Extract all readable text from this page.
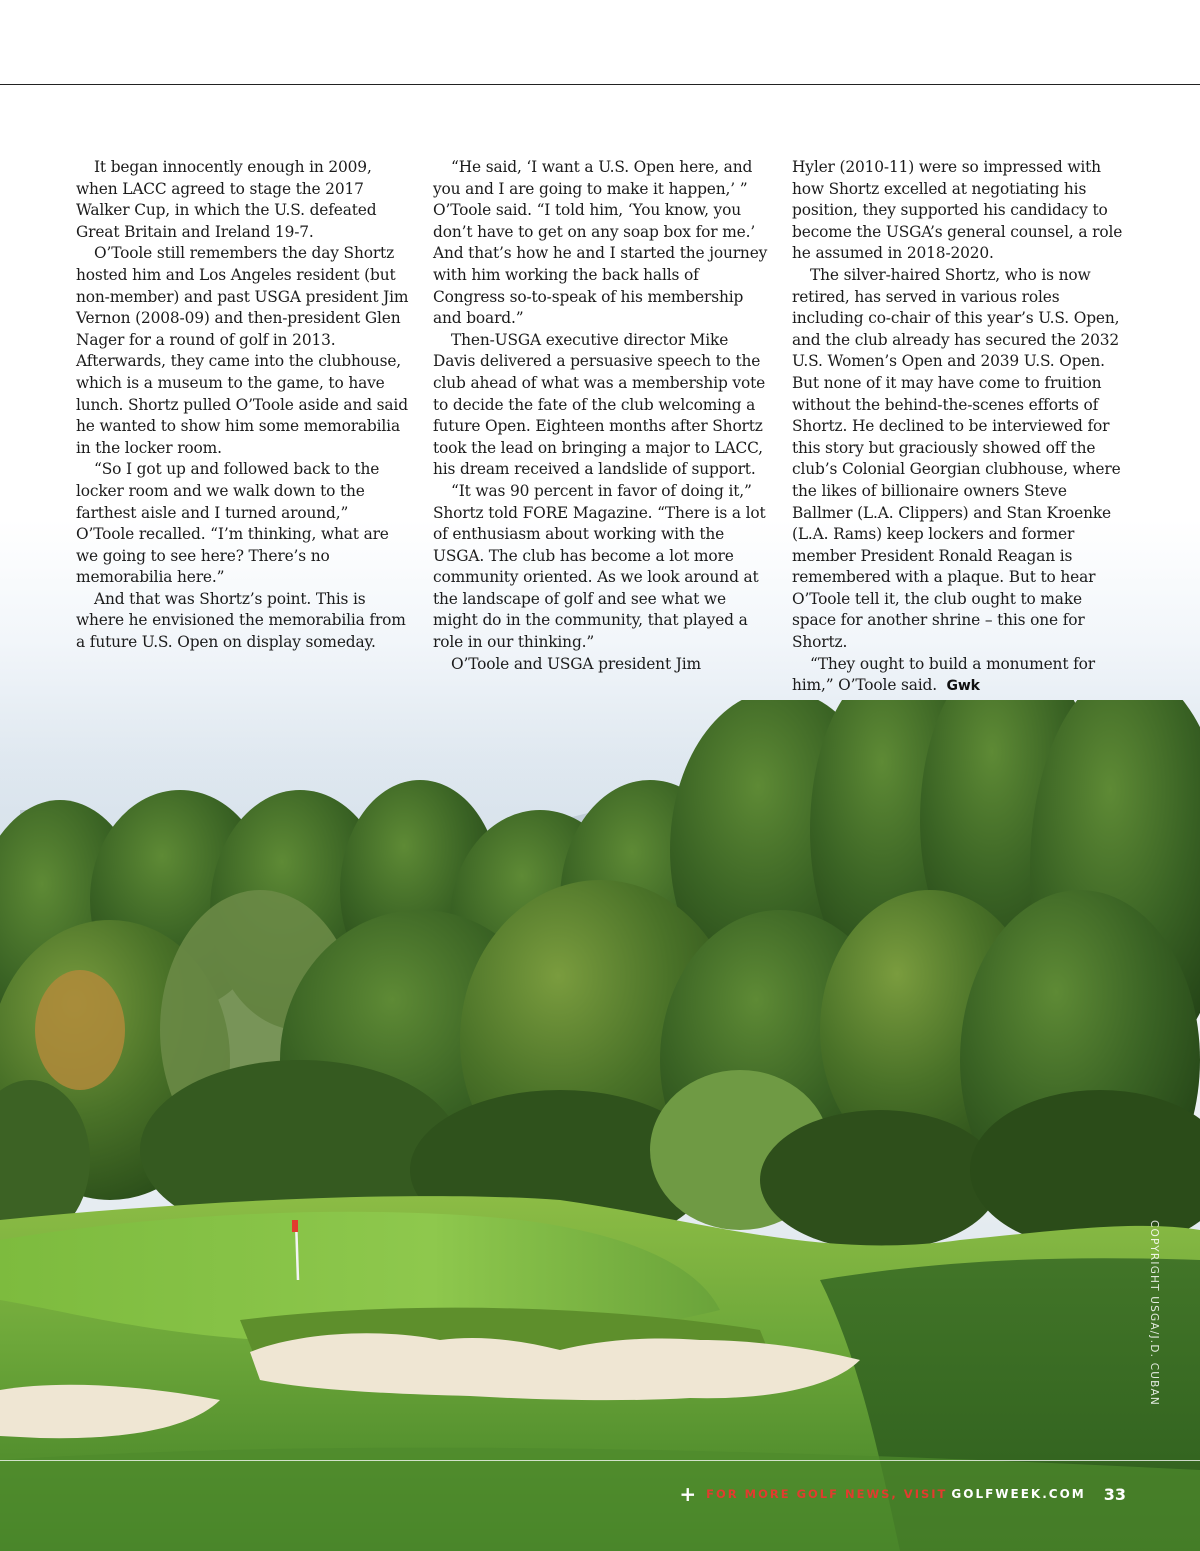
It began innocently enough in 2009, when LACC agreed to stage the 2017 Walker Cup, in which the U.S. defeated Great Britain and Ireland 19-7.

O’Toole still remembers the day Shortz hosted him and Los Angeles resident (but non-member) and past USGA president Jim Vernon (2008-09) and then-president Glen Nager for a round of golf in 2013. Afterwards, they came into the clubhouse, which is a museum to the game, to have lunch. Shortz pulled O’Toole aside and said he wanted to show him some memorabilia in the locker room.

“So I got up and followed back to the locker room and we walk down to the farthest aisle and I turned around,” O’Toole recalled. “I’m thinking, what are we going to see here? There’s no memorabilia here.”

And that was Shortz’s point. This is where he envisioned the memorabilia from a future U.S. Open on display someday.

“He said, ‘I want a U.S. Open here, and you and I are going to make it happen,’ ” O’Toole said. “I told him, ‘You know, you don’t have to get on any soap box for me.’ And that’s how he and I started the journey with him working the back halls of Congress so-to-speak of his membership and board.”

Then-USGA executive director Mike Davis delivered a persuasive speech to the club ahead of what was a membership vote to decide the fate of the club welcoming a future Open. Eighteen months after Shortz took the lead on bringing a major to LACC, his dream received a landslide of support.

“It was 90 percent in favor of doing it,” Shortz told FORE Magazine. “There is a lot of enthusiasm about working with the USGA. The club has become a lot more community oriented. As we look around at the landscape of golf and see what we might do in the community, that played a role in our thinking.”

O’Toole and USGA president Jim

Hyler (2010-11) were so impressed with how Shortz excelled at negotiating his position, they supported his candidacy to become the USGA’s general counsel, a role he assumed in 2018-2020.

The silver-haired Shortz, who is now retired, has served in various roles including co-chair of this year’s U.S. Open, and the club already has secured the 2032 U.S. Women’s Open and 2039 U.S. Open. But none of it may have come to fruition without the behind-the-scenes efforts of Shortz. He declined to be interviewed for this story but graciously showed off the club’s Colonial Georgian clubhouse, where the likes of billionaire owners Steve Ballmer (L.A. Clippers) and Stan Kroenke (L.A. Rams) keep lockers and former member President Ronald Reagan is remembered with a plaque. But to hear O’Toole tell it, the club ought to make space for another shrine – this one for Shortz.

“They ought to build a monument for him,” O’Toole said. Gwk

COPYRIGHT USGA/J.D. CUBAN
+ FOR MORE GOLF NEWS, VISIT GOLFWEEK.COM 33
